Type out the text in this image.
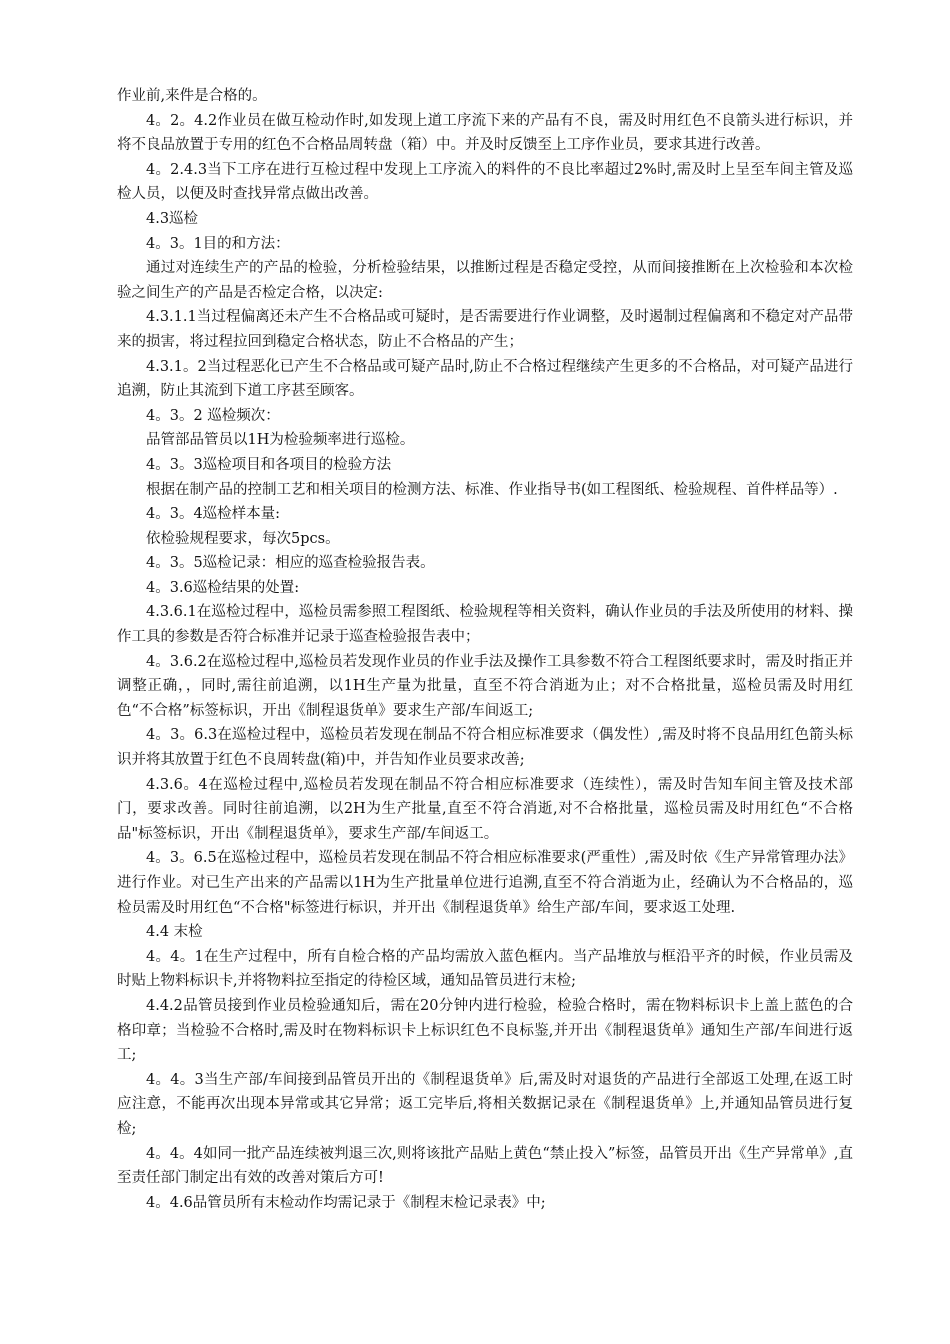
作业前,来件是合格的。

4。2。4.2作业员在做互检动作时,如发现上道工序流下来的产品有不良，需及时用红色不良箭头进行标识，并将不良品放置于专用的红色不合格品周转盘（箱）中。并及时反馈至上工序作业员，要求其进行改善。

4。2.4.3当下工序在进行互检过程中发现上工序流入的料件的不良比率超过2%时,需及时上呈至车间主管及巡检人员，以便及时查找异常点做出改善。

4.3巡检

4。3。1目的和方法：

通过对连续生产的产品的检验，分析检验结果，以推断过程是否稳定受控，从而间接推断在上次检验和本次检验之间生产的产品是否检定合格，以决定:

4.3.1.1当过程偏离还未产生不合格品或可疑时，是否需要进行作业调整，及时遏制过程偏离和不稳定对产品带来的损害，将过程拉回到稳定合格状态，防止不合格品的产生；

4.3.1。2当过程恶化已产生不合格品或可疑产品时,防止不合格过程继续产生更多的不合格品，对可疑产品进行追溯，防止其流到下道工序甚至顾客。

4。3。2 巡检频次：

品管部品管员以1H为检验频率进行巡检。

4。3。3巡检项目和各项目的检验方法

根据在制产品的控制工艺和相关项目的检测方法、标准、作业指导书(如工程图纸、检验规程、首件样品等）.

4。3。4巡检样本量:

依检验规程要求，每次5pcs。

4。3。5巡检记录：相应的巡查检验报告表。

4。3.6巡检结果的处置:

4.3.6.1在巡检过程中，巡检员需参照工程图纸、检验规程等相关资料，确认作业员的手法及所使用的材料、操作工具的参数是否符合标准并记录于巡查检验报告表中；

4。3.6.2在巡检过程中,巡检员若发现作业员的作业手法及操作工具参数不符合工程图纸要求时，需及时指正并调整正确，，同时,需往前追溯，以1H生产量为批量，直至不符合消逝为止；对不合格批量，巡检员需及时用红色“不合格”标签标识，开出《制程退货单》要求生产部/车间返工;

4。3。6.3在巡检过程中，巡检员若发现在制品不符合相应标准要求（偶发性）,需及时将不良品用红色箭头标识并将其放置于红色不良周转盘(箱)中，并告知作业员要求改善;

4.3.6。4在巡检过程中,巡检员若发现在制品不符合相应标准要求（连续性），需及时告知车间主管及技术部门，要求改善。同时往前追溯，以2H为生产批量,直至不符合消逝,对不合格批量，巡检员需及时用红色“不合格品"标签标识，开出《制程退货单》，要求生产部/车间返工。

4。3。6.5在巡检过程中，巡检员若发现在制品不符合相应标准要求(严重性）,需及时依《生产异常管理办法》进行作业。对已生产出来的产品需以1H为生产批量单位进行追溯,直至不符合消逝为止，经确认为不合格品的，巡检员需及时用红色“不合格"标签进行标识，并开出《制程退货单》给生产部/车间，要求返工处理.

4.4 末检

4。4。1在生产过程中，所有自检合格的产品均需放入蓝色框内。当产品堆放与框沿平齐的时候，作业员需及时贴上物料标识卡,并将物料拉至指定的待检区域，通知品管员进行末检;

4.4.2品管员接到作业员检验通知后，需在20分钟内进行检验，检验合格时，需在物料标识卡上盖上蓝色的合格印章；当检验不合格时,需及时在物料标识卡上标识红色不良标鉴,并开出《制程退货单》通知生产部/车间进行返工;

4。4。3当生产部/车间接到品管员开出的《制程退货单》后,需及时对退货的产品进行全部返工处理,在返工时应注意，不能再次出现本异常或其它异常；返工完毕后,将相关数据记录在《制程退货单》上,并通知品管员进行复检;

4。4。4如同一批产品连续被判退三次,则将该批产品贴上黄色“禁止投入”标签，品管员开出《生产异常单》,直至责任部门制定出有效的改善对策后方可!

4。4.6品管员所有末检动作均需记录于《制程末检记录表》中;
